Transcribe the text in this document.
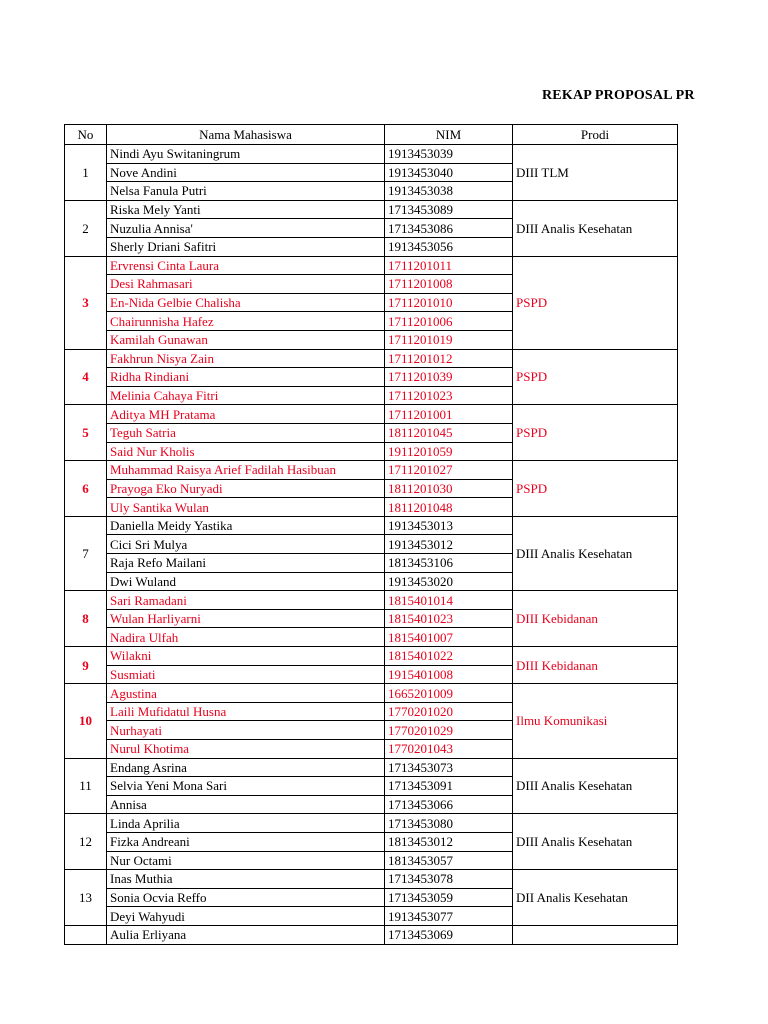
REKAP PROPOSAL PR
No	Nama Mahasiswa	NIM	Prodi
1	Nindi Ayu Switaningrum	1913453039	DIII TLM
	Nove Andini	1913453040	
	Nelsa Fanula Putri	1913453038	
2	Riska Mely Yanti	1713453089	DIII Analis Kesehatan
	Nuzulia Annisa'	1713453086	
	Sherly Driani Safitri	1913453056	
3	Ervrensi Cinta Laura	1711201011	PSPD
	Desi Rahmasari	1711201008	
	En-Nida Gelbie Chalisha	1711201010	
	Chairunnisha Hafez	1711201006	
	Kamilah Gunawan	1711201019	
4	Fakhrun Nisya Zain	1711201012	PSPD
	Ridha Rindiani	1711201039	
	Melinia Cahaya Fitri	1711201023	
5	Aditya MH Pratama	1711201001	PSPD
	Teguh Satria	1811201045	
	Said Nur Kholis	1911201059	
6	Muhammad Raisya Arief Fadilah Hasibuan	1711201027	PSPD
	Prayoga Eko Nuryadi	1811201030	
	Uly Santika Wulan	1811201048	
7	Daniella Meidy Yastika	1913453013	DIII Analis Kesehatan
	Cici Sri Mulya	1913453012	
	Raja Refo Mailani	1813453106	
	Dwi Wuland	1913453020	
8	Sari Ramadani	1815401014	DIII Kebidanan
	Wulan Harliyarni	1815401023	
	Nadira Ulfah	1815401007	
9	Wilakni	1815401022	DIII Kebidanan
	Susmiati	1915401008	
10	Agustina	1665201009	Ilmu Komunikasi
	Laili Mufidatul Husna	1770201020	
	Nurhayati	1770201029	
	Nurul Khotima	1770201043	
11	Endang Asrina	1713453073	DIII Analis Kesehatan
	Selvia Yeni Mona Sari	1713453091	
	Annisa	1713453066	
12	Linda Aprilia	1713453080	DIII Analis Kesehatan
	Fizka Andreani	1813453012	
	Nur Octami	1813453057	
13	Inas Muthia	1713453078	DII Analis Kesehatan
	Sonia Ocvia Reffo	1713453059	
	Deyi Wahyudi	1913453077	
	Aulia Erliyana	1713453069	
